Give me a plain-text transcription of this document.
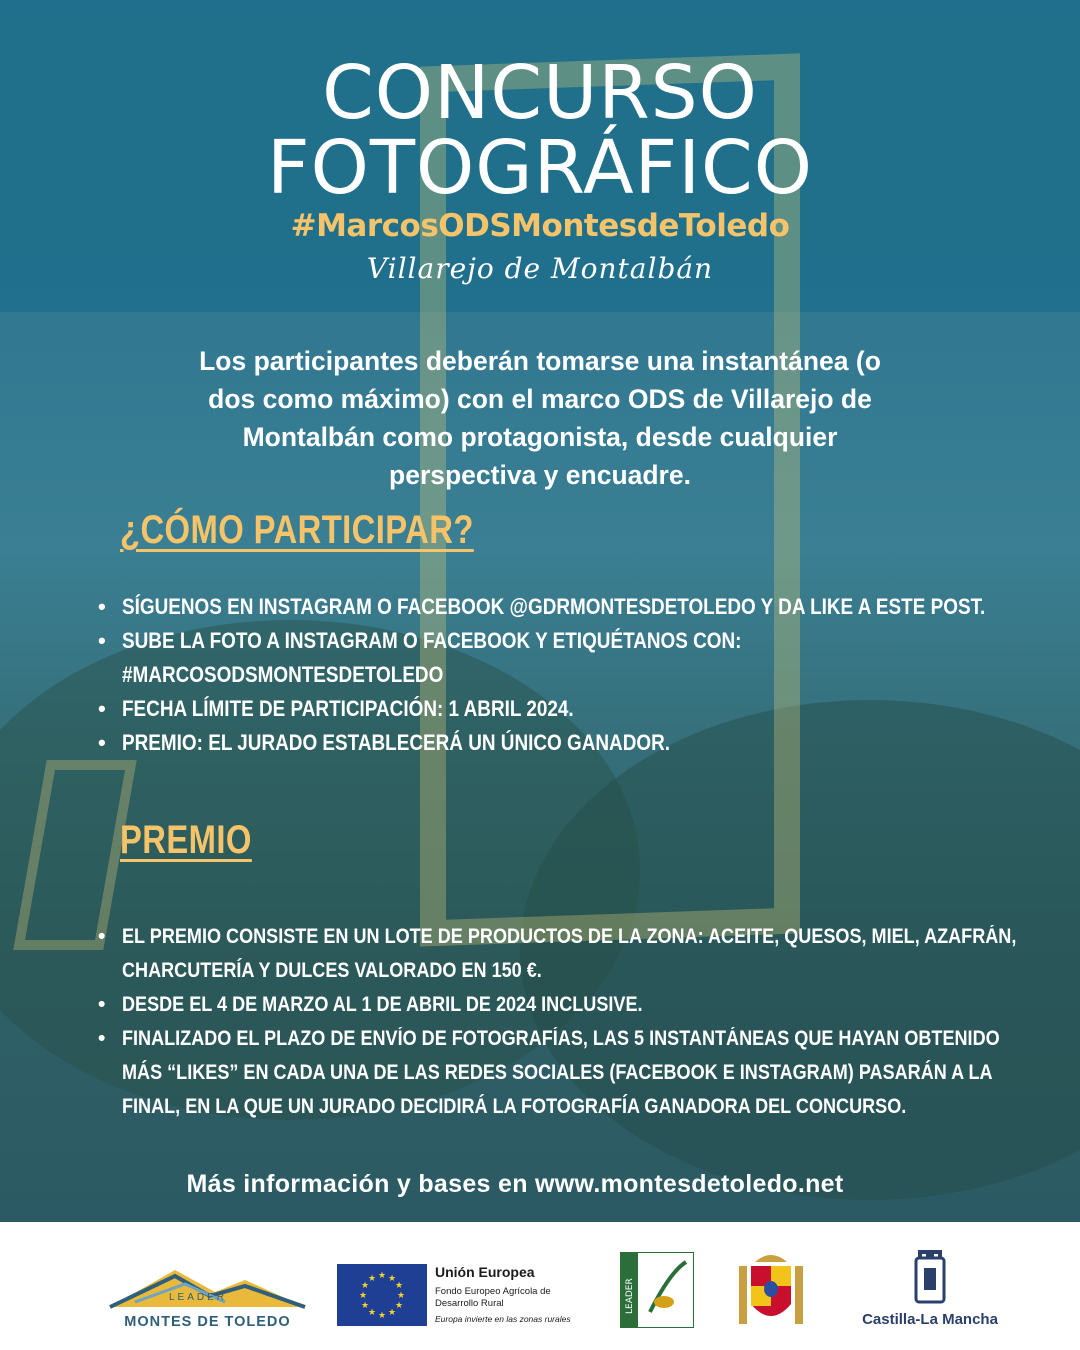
CONCURSO
FOTOGRÁFICO
#MarcosODSMontesdeToledo
Villarejo de Montalbán
Los participantes deberán tomarse una instantánea (o
dos como máximo) con el marco ODS de Villarejo de
Montalbán como protagonista, desde cualquier
perspectiva y encuadre.
¿CÓMO PARTICIPAR?
• SÍGUENOS EN INSTAGRAM O FACEBOOK @GDRMONTESDETOLEDO Y DA LIKE A ESTE POST.
• SUBE LA FOTO A INSTAGRAM O FACEBOOK Y ETIQUÉTANOS CON:
#MARCOSODSMONTESDETOLEDO
• FECHA LÍMITE DE PARTICIPACIÓN: 1 ABRIL 2024.
• PREMIO: EL JURADO ESTABLECERÁ UN ÚNICO GANADOR.
PREMIO
• EL PREMIO CONSISTE EN UN LOTE DE PRODUCTOS DE LA ZONA: ACEITE, QUESOS, MIEL, AZAFRÁN, CHARCUTERÍA Y DULCES VALORADO EN 150 €.
• DESDE EL 4 DE MARZO AL 1 DE ABRIL DE 2024 INCLUSIVE.
• FINALIZADO EL PLAZO DE ENVÍO DE FOTOGRAFÍAS, LAS 5 INSTANTÁNEAS QUE HAYAN OBTENIDO MÁS “LIKES” EN CADA UNA DE LAS REDES SOCIALES (FACEBOOK E INSTAGRAM) PASARÁN A LA FINAL, EN LA QUE UN JURADO DECIDIRÁ LA FOTOGRAFÍA GANADORA DEL CONCURSO.
Más información y bases en www.montesdetoledo.net
LEADER
MONTES DE TOLEDO
★ ★
★
★
★
★
★
★
★
★
★
★	Unión Europea
Fondo Europeo Agrícola de Desarrollo Rural
Europa invierte en las zonas rurales
LEADER
Castilla-La Mancha
